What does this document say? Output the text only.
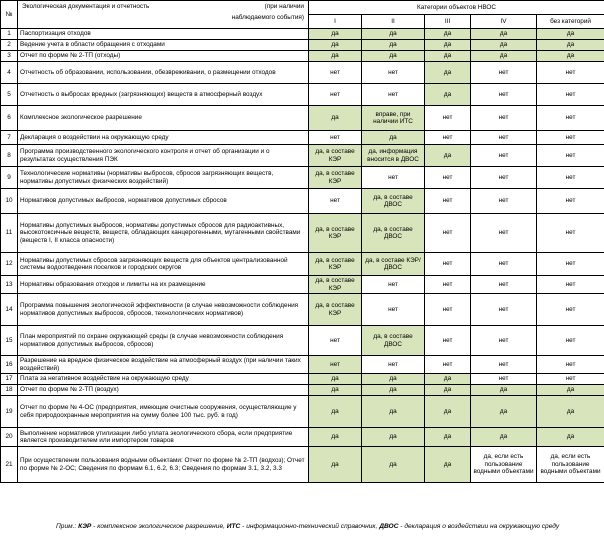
№	Экологическая документация и отчетность (при наличии
наблюдаемого события)	Категории объектов НВОС				
		I	II	III	IV	без категорий
1	Паспортизация отходов	да	да	да	да	да
2	Ведение учета в области обращения с отходами	да	да	да	да	да
3	Отчет по форме № 2-ТП (отходы)	да	да	да	да	да
4	Отчетность об образовании, использовании, обезвреживании, о размещении отходов	нет	нет	да	нет	нет
5	Отчетность о выбросах вредных (загрязняющих) веществ в атмосферный воздух	нет	нет	да	нет	нет
6	Комплексное экологическое разрешение	да	вправе, при наличии ИТС	нет	нет	нет
7	Декларация о воздействии на окружающую среду	нет	да	нет	нет	нет
8	Программа производственного экологического контроля и отчет об организации и о результатах осуществления ПЭК	да, в составе КЭР	да, информация вносится в ДВОС	да	нет	нет
9	Технологические нормативы (нормативы выбросов, сбросов загрязняющих веществ, нормативы допустимых физических воздействий)	да, в составе КЭР	нет	нет	нет	нет
10	Нормативов допустимых выбросов, нормативов допустимых сбросов	нет	да, в составе ДВОС	нет	нет	нет
11	Нормативы допустимых выбросов, нормативы допустимых сбросов для радиоактивных, высокотоксичные веществ, веществ, обладающих канцерогенными, мутагенными свойствами (веществ I, II класса опасности)	да, в составе КЭР	да, в составе ДВОС	нет	нет	нет
12	Нормативы допустимых сбросов загрязняющих веществ для объектов централизованной системы водоотведения поселков и городских округов	да, в составе КЭР	да, в составе КЭР/ДВОС	нет	нет	нет
13	Нормативы образования отходов и лимиты на их размещение	да, в составе КЭР	нет	нет	нет	нет
14	Программа повышения экологической эффективности (в случае невозможности соблюдения нормативов допустимых выбросов, сбросов, технологических нормативов)	да, в составе КЭР	нет	нет	нет	нет
15	План мероприятий по охране окружающей среды (в случае невозможности соблюдения нормативов допустимых выбросов, сбросов)	нет	да, в составе ДВОС	нет	нет	нет
16	Разрешение на вредное физическое воздействие на атмосферный воздух (при наличии таких воздействий)	нет	нет	нет	нет	нет
17	Плата за негативное воздействие на окружающую среду	да	да	да	нет	нет
18	Отчет по форме № 2-ТП (воздух)	да	да	да	да	да
19	Отчет по форме № 4-ОС (предприятия, имеющие очистные сооружения, осуществляющие у себя природоохранные мероприятия на сумму более 100 тыс. руб. в год)	да	да	да	да	да
20	Выполнение нормативов утилизации либо уплата экологического сбора, если предприятие является производителем или импортером товаров	да	да	да	да	да
21	При осуществлении пользования водными объектами: Отчет по форме № 2-ТП (водхоз); Отчет по форме № 2-ОС; Сведения по формам 6.1, 6.2, 6.3; Сведения по формам 3.1, 3.2, 3.3	да	да	да	да, если есть пользование водными объектами	да, если есть пользование водными объектами
Прим.: КЭР - комплексное экологическое разрешение, ИТС - информационно-технический справочник, ДВОС - декларация о воздействии на окружающую среду
